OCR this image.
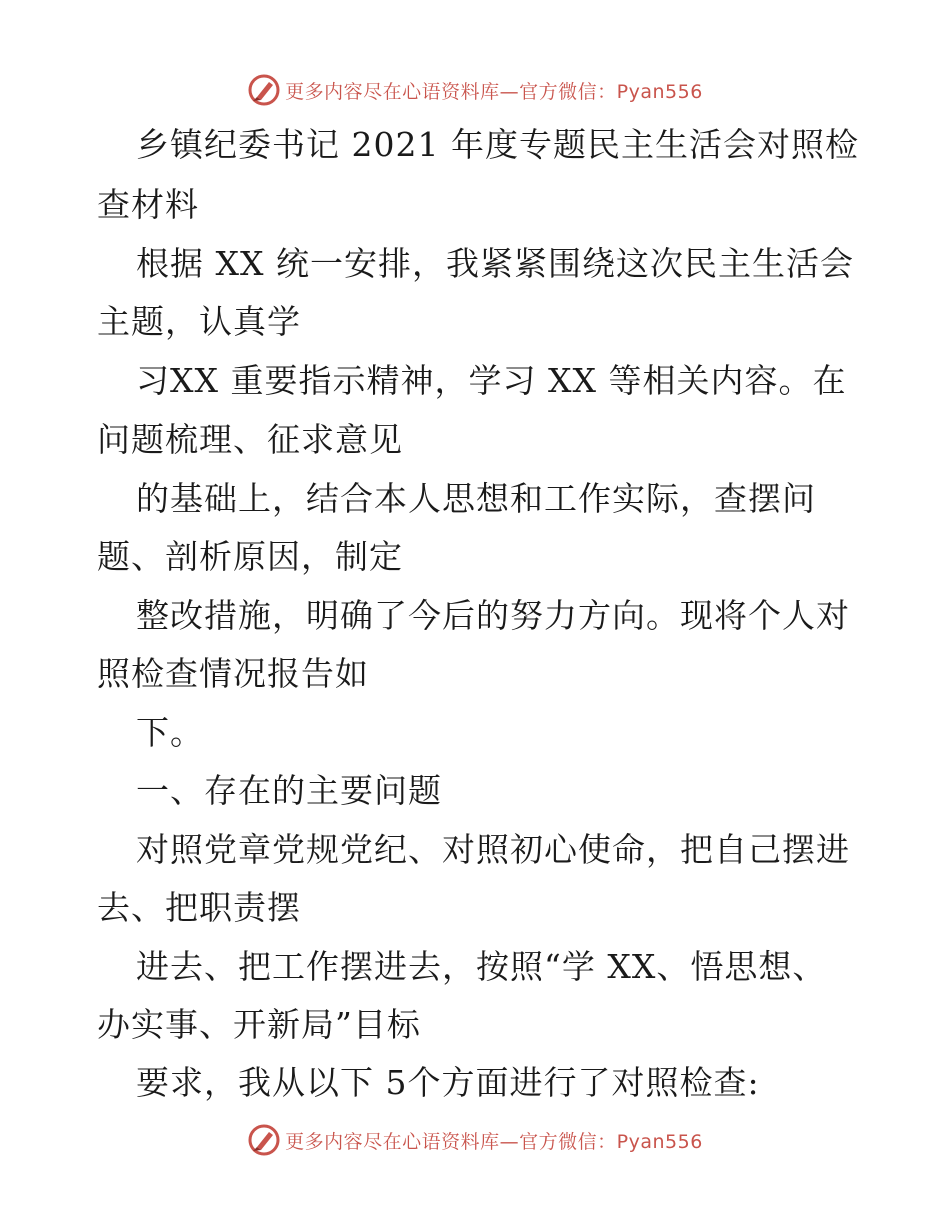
更多内容尽在心语资料库—官方微信：Pyan556
乡镇纪委书记 2021 年度专题民主生活会对照检
查材料
根据 XX 统一安排，我紧紧围绕这次民主生活会
主题，认真学
习XX 重要指示精神，学习 XX 等相关内容。在
问题梳理、征求意见
的基础上，结合本人思想和工作实际，查摆问
题、剖析原因，制定
整改措施，明确了今后的努力方向。现将个人对
照检查情况报告如
下。
一、存在的主要问题
对照党章党规党纪、对照初心使命，把自己摆进
去、把职责摆
进去、把工作摆进去，按照“学 XX、悟思想、
办实事、开新局”目标
要求，我从以下 5个方面进行了对照检查:
更多内容尽在心语资料库—官方微信：Pyan556
